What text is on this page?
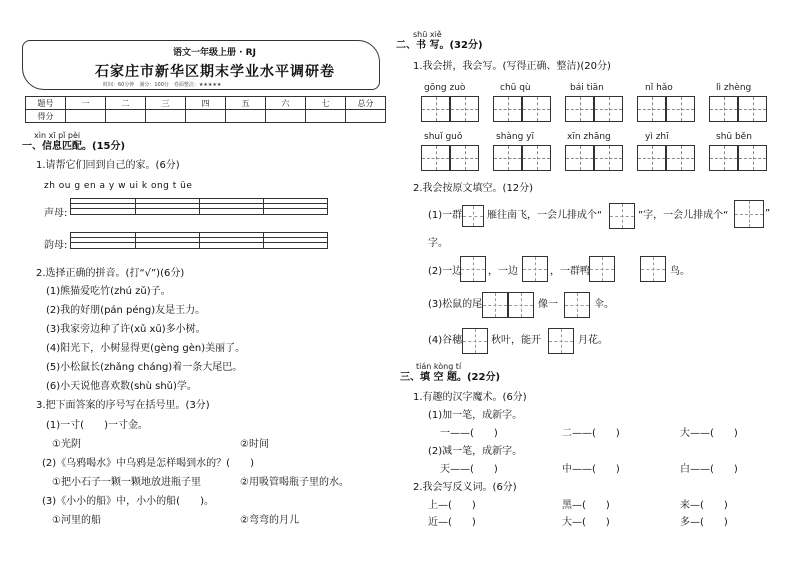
语文一年级上册 · RJ
石家庄市新华区期末学业水平调研卷
时间：60分钟　满分：100分　卷面整洁：★★★★★
题号	一	二	三	四	五	六	七	总分
得分								
xìn xī pǐ pèi
一、信息匹配。(15分)
1.请帮它们回到自己的家。(6分)
zh ou g en a y w ui k ong t üe
声母:
韵母:
2.选择正确的拼音。(打“√”)(6分)
(1)熊猫爱吃竹(zhú zǔ)子。
(2)我的好朋(pán péng)友是王力。
(3)我家旁边种了许(xǔ xū)多小树。
(4)阳光下，小树显得更(gèng gèn)美丽了。
(5)小松鼠长(zhǎng cháng)着一条大尾巴。
(6)小天说他喜欢数(shù shǔ)学。
3.把下面答案的序号写在括号里。(3分)
(1)一寸(　　)一寸金。
①光阴	②时间
(2)《乌鸦喝水》中乌鸦是怎样喝到水的？(　　)
①把小石子一颗一颗地放进瓶子里	②用吸管喝瓶子里的水。
(3)《小小的船》中，小小的船(　　)。
①河里的船	②弯弯的月儿
shū xiě
二、书 写。(32分)
1.我会拼，我会写。(写得正确、整洁)(20分)
gōng zuò	chū qù	bái tiān	nǐ hǎo	lì zhèng
shuǐ guǒ	shàng yī	xīn zhāng	yì zhī	shū běn
2.我会按原文填空。(12分)
(1)一群 雁往南飞，一会儿排成个“	”字，一会儿排成个“	”
字。
(2)一边	，一边	，一群鸭	鸟。
(3)松鼠的尾	像一	伞。
(4)谷穗	秋叶，能开	月花。
tián kòng tí
三、填 空 题。(22分)
1.有趣的汉字魔术。(6分)
(1)加一笔，成新字。
一——(　　)	二——(　　)	大——(　　)
(2)减一笔，成新字。
天——(　　)	中——(　　)	白——(　　)
2.我会写反义词。(6分)
上—(　　)	黑—(　　)	来—(　　)
近—(　　)	大—(　　)	多—(　　)
